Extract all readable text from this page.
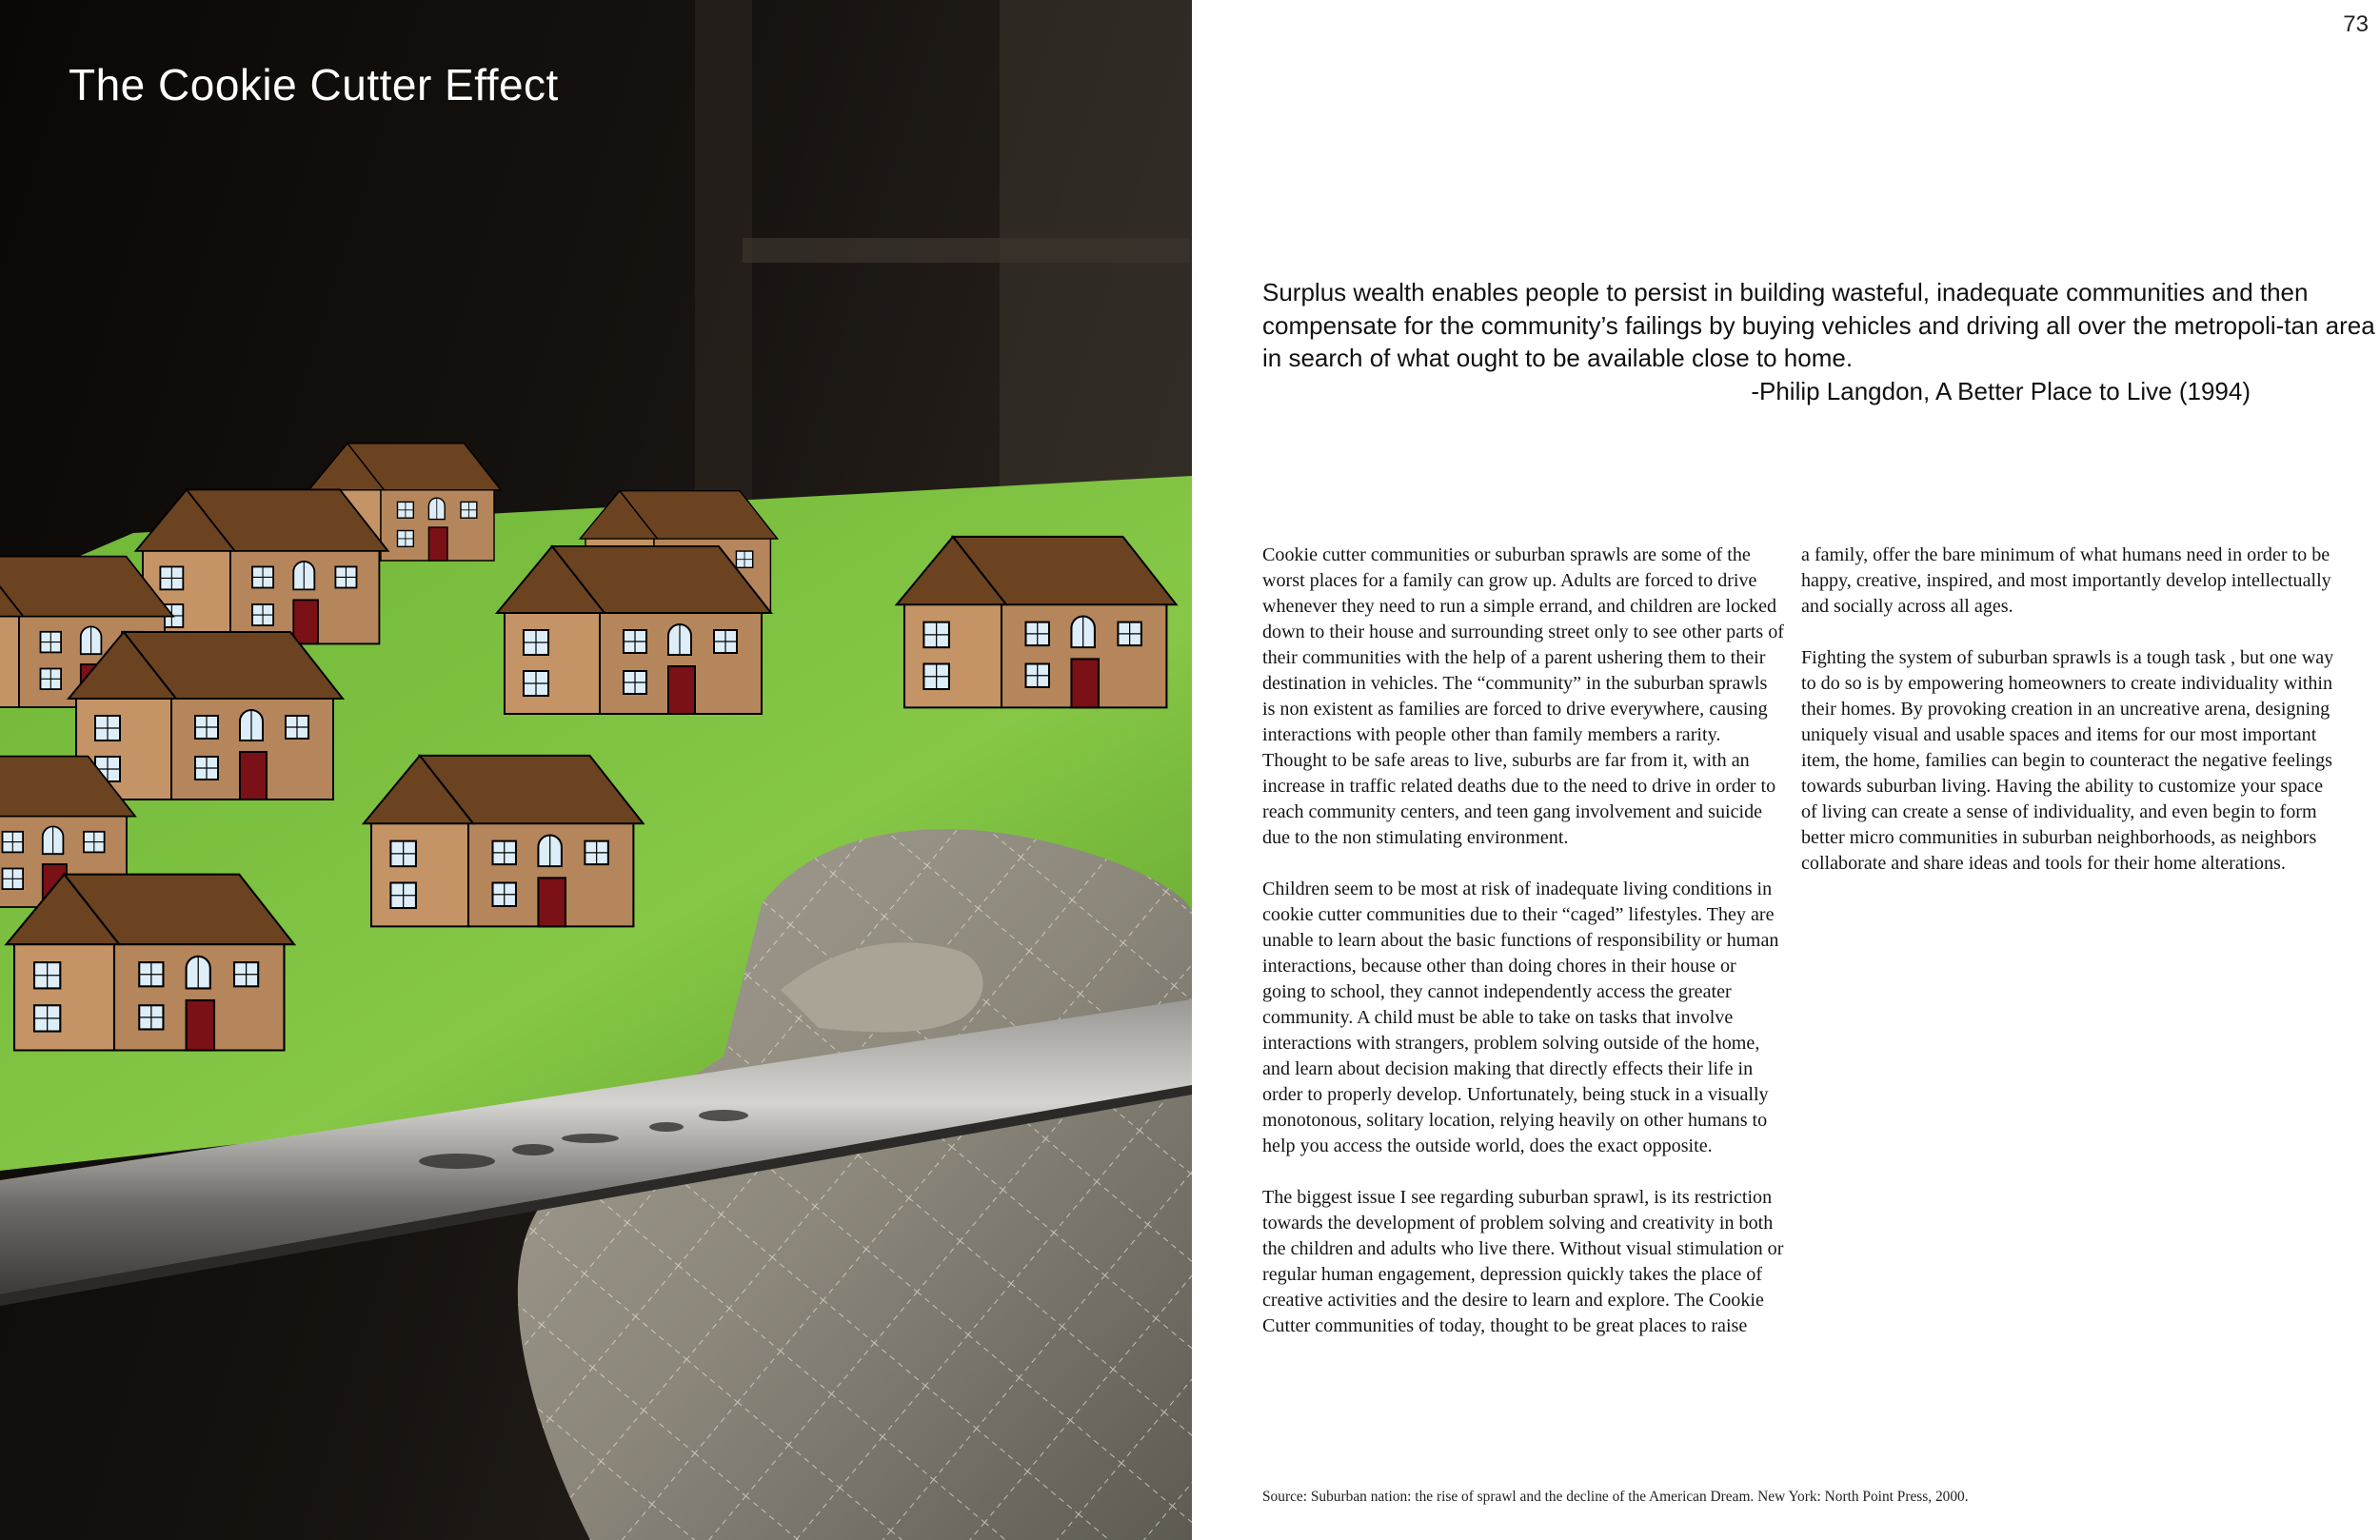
The Cookie Cutter Effect
73

Surplus wealth enables people to persist in building wasteful, inadequate communities and then compensate for the community’s failings by buying vehicles and driving all over the metropoli-tan area in search of what ought to be available close to home.

-Philip Langdon, A Better Place to Live (1994)

Cookie cutter communities or suburban sprawls are some of the worst places for a family can grow up. Adults are forced to drive whenever they need to run a simple errand, and children are locked down to their house and surrounding street only to see other parts of their communities with the help of a parent ushering them to their destination in vehicles. The “community” in the suburban sprawls is non existent as families are forced to drive everywhere, causing interactions with people other than family members a rarity. Thought to be safe areas to live, suburbs are far from it, with an increase in traffic related deaths due to the need to drive in order to reach community centers, and teen gang involvement and suicide due to the non stimulating environment.

Children seem to be most at risk of inadequate living conditions in cookie cutter communities due to their “caged” lifestyles. They are unable to learn about the basic functions of responsibility or human interactions, because other than doing chores in their house or going to school, they cannot independently access the greater community. A child must be able to take on tasks that involve interactions with strangers, problem solving outside of the home, and learn about decision making that directly effects their life in order to properly develop. Unfortunately, being stuck in a visually monotonous, solitary location, relying heavily on other humans to help you access the outside world, does the exact opposite.

The biggest issue I see regarding suburban sprawl, is its restriction towards the development of problem solving and creativity in both the children and adults who live there. Without visual stimulation or regular human engagement, depression quickly takes the place of creative activities and the desire to learn and explore. The Cookie Cutter communities of today, thought to be great places to raise

a family, offer the bare minimum of what humans need in order to be happy, creative, inspired, and most importantly develop intellectually and socially across all ages.

Fighting the system of suburban sprawls is a tough task , but one way to do so is by empowering homeowners to create individuality within their homes. By provoking creation in an uncreative arena, designing uniquely visual and usable spaces and items for our most important item, the home, families can begin to counteract the negative feelings towards suburban living. Having the ability to customize your space of living can create a sense of individuality, and even begin to form better micro communities in suburban neighborhoods, as neighbors collaborate and share ideas and tools for their home alterations.

Source: Suburban nation: the rise of sprawl and the decline of the American Dream. New York: North Point Press, 2000.
